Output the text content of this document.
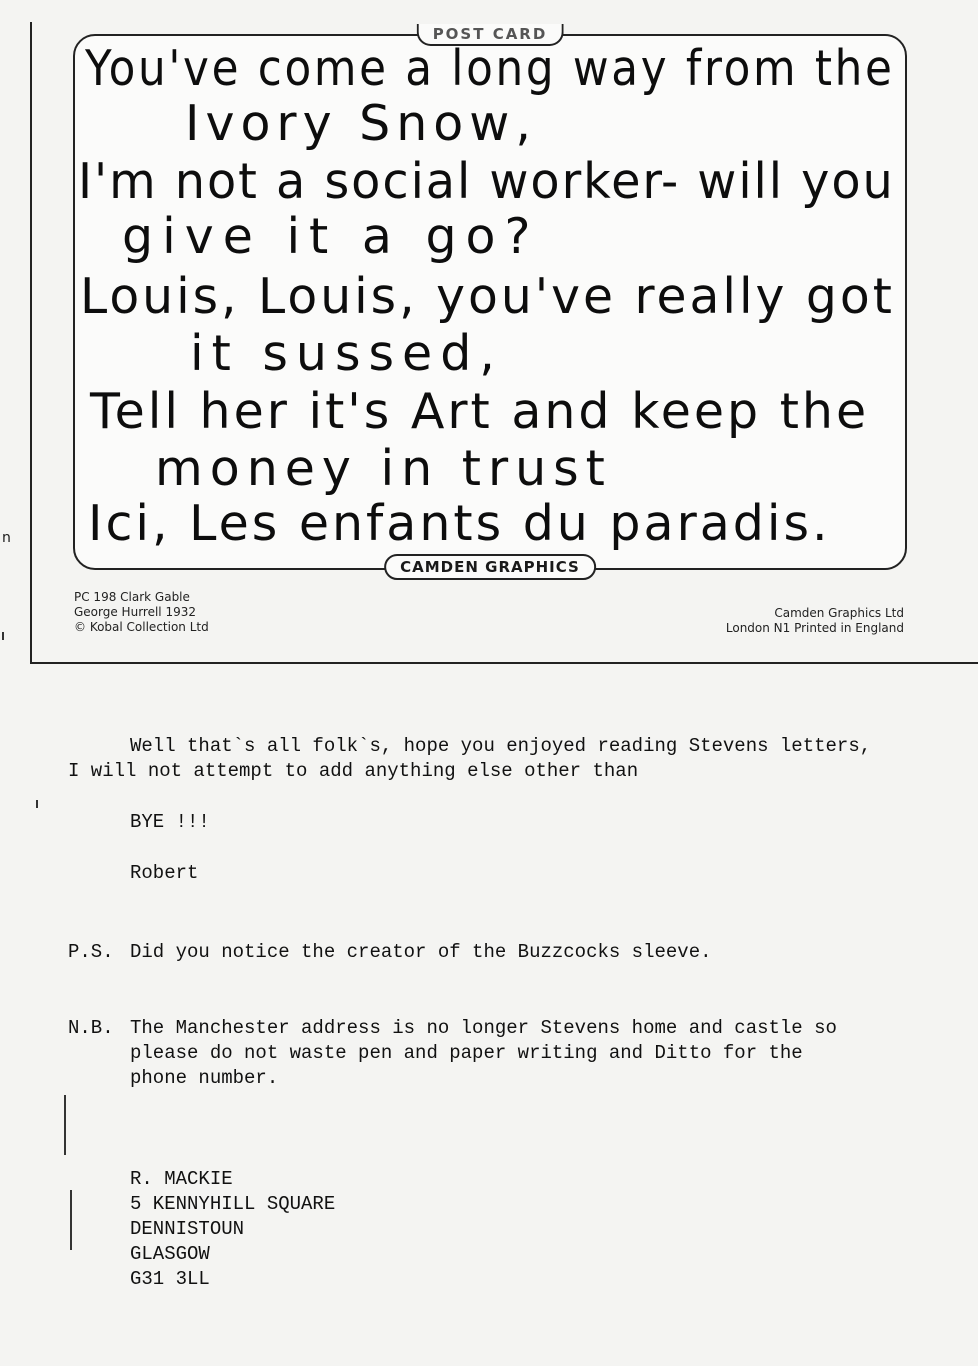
POST CARD
CAMDEN GRAPHICS
You've come a long way from the
Ivory Snow,
I'm not a social worker- will you
give it a go?
Louis, Louis, you've really got
it sussed,
Tell her it's Art and keep the
money in trust
Ici, Les enfants du paradis.
PC 198 Clark Gable
George Hurrell 1932
© Kobal Collection Ltd
Camden Graphics Ltd
London N1 Printed in England
n
Well that`s all folk`s, hope you enjoyed reading Stevens letters,
I will not attempt to add anything else other than
BYE !!!
Robert
P.S. Did you notice the creator of the Buzzcocks sleeve.
N.B. The Manchester address is no longer Stevens home and castle so
please do not waste pen and paper writing and Ditto for the
phone number.
R. MACKIE
5 KENNYHILL SQUARE
DENNISTOUN
GLASGOW
G31 3LL
